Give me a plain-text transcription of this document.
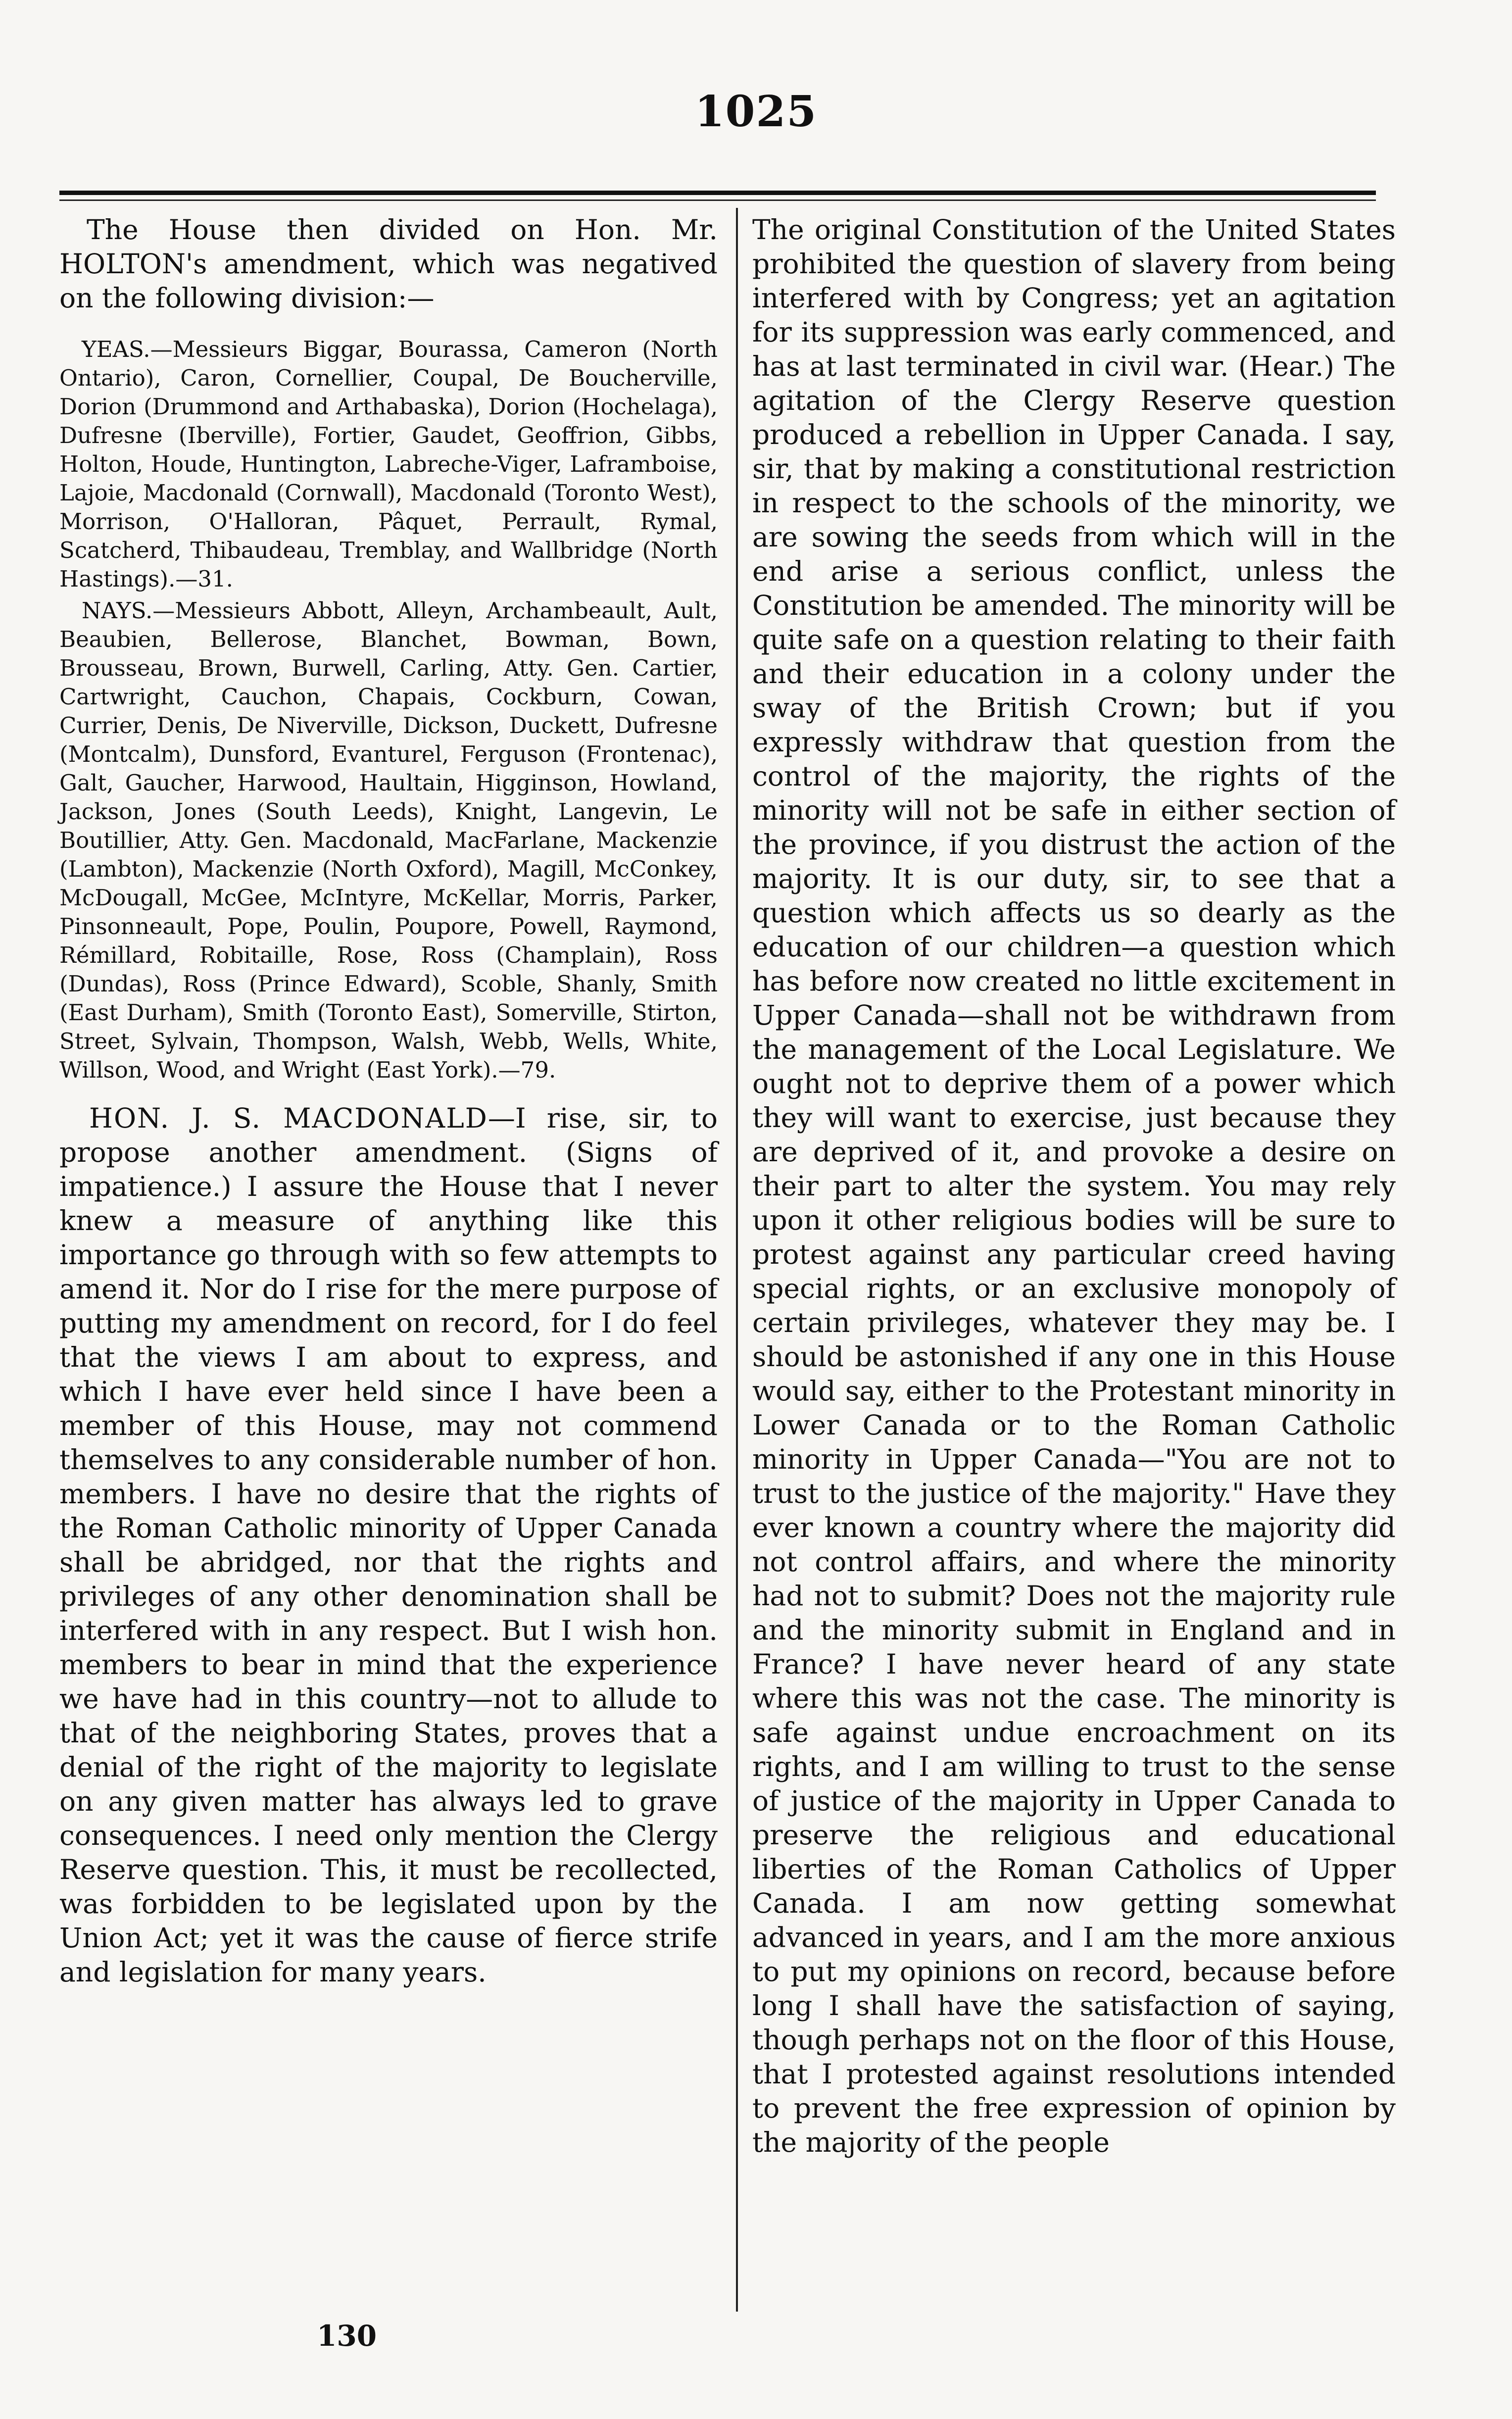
1025

The House then divided on Hon. Mr. HOLTON's amendment, which was negatived on the following division:—

YEAS.—Messieurs Biggar, Bourassa, Cameron (North Ontario), Caron, Cornellier, Coupal, De Boucherville, Dorion (Drummond and Arthabaska), Dorion (Hochelaga), Dufresne (Iberville), Fortier, Gaudet, Geoffrion, Gibbs, Holton, Houde, Huntington, Labreche-Viger, Laframboise, Lajoie, Macdonald (Cornwall), Macdonald (Toronto West), Morrison, O'Halloran, Pâquet, Perrault, Rymal, Scatcherd, Thibaudeau, Tremblay, and Wallbridge (North Hastings).—31.

NAYS.—Messieurs Abbott, Alleyn, Archambeault, Ault, Beaubien, Bellerose, Blanchet, Bowman, Bown, Brousseau, Brown, Burwell, Carling, Atty. Gen. Cartier, Cartwright, Cauchon, Chapais, Cockburn, Cowan, Currier, Denis, De Niverville, Dickson, Duckett, Dufresne (Montcalm), Dunsford, Evanturel, Ferguson (Frontenac), Galt, Gaucher, Harwood, Haultain, Higginson, Howland, Jackson, Jones (South Leeds), Knight, Langevin, Le Boutillier, Atty. Gen. Macdonald, MacFarlane, Mackenzie (Lambton), Mackenzie (North Oxford), Magill, McConkey, McDougall, McGee, McIntyre, McKellar, Morris, Parker, Pinsonneault, Pope, Poulin, Poupore, Powell, Raymond, Rémillard, Robitaille, Rose, Ross (Champlain), Ross (Dundas), Ross (Prince Edward), Scoble, Shanly, Smith (East Durham), Smith (Toronto East), Somerville, Stirton, Street, Sylvain, Thompson, Walsh, Webb, Wells, White, Willson, Wood, and Wright (East York).—79.

HON. J. S. MACDONALD—I rise, sir, to propose another amendment. (Signs of impatience.) I assure the House that I never knew a measure of anything like this importance go through with so few attempts to amend it. Nor do I rise for the mere purpose of putting my amendment on record, for I do feel that the views I am about to express, and which I have ever held since I have been a member of this House, may not commend themselves to any considerable number of hon. members. I have no desire that the rights of the Roman Catholic minority of Upper Canada shall be abridged, nor that the rights and privileges of any other denomination shall be interfered with in any respect. But I wish hon. members to bear in mind that the experience we have had in this country—not to allude to that of the neighboring States, proves that a denial of the right of the majority to legislate on any given matter has always led to grave consequences. I need only mention the Clergy Reserve question. This, it must be recollected, was forbidden to be legislated upon by the Union Act; yet it was the cause of fierce strife and legislation for many years.

The original Constitution of the United States prohibited the question of slavery from being interfered with by Congress; yet an agitation for its suppression was early commenced, and has at last terminated in civil war. (Hear.) The agitation of the Clergy Reserve question produced a rebellion in Upper Canada. I say, sir, that by making a constitutional restriction in respect to the schools of the minority, we are sowing the seeds from which will in the end arise a serious conflict, unless the Constitution be amended. The minority will be quite safe on a question relating to their faith and their education in a colony under the sway of the British Crown; but if you expressly withdraw that question from the control of the majority, the rights of the minority will not be safe in either section of the province, if you distrust the action of the majority. It is our duty, sir, to see that a question which affects us so dearly as the education of our children—a question which has before now created no little excitement in Upper Canada—shall not be withdrawn from the management of the Local Legislature. We ought not to deprive them of a power which they will want to exercise, just because they are deprived of it, and provoke a desire on their part to alter the system. You may rely upon it other religious bodies will be sure to protest against any particular creed having special rights, or an exclusive monopoly of certain privileges, whatever they may be. I should be astonished if any one in this House would say, either to the Protestant minority in Lower Canada or to the Roman Catholic minority in Upper Canada—"You are not to trust to the justice of the majority." Have they ever known a country where the majority did not control affairs, and where the minority had not to submit? Does not the majority rule and the minority submit in England and in France? I have never heard of any state where this was not the case. The minority is safe against undue encroachment on its rights, and I am willing to trust to the sense of justice of the majority in Upper Canada to preserve the religious and educational liberties of the Roman Catholics of Upper Canada. I am now getting somewhat advanced in years, and I am the more anxious to put my opinions on record, because before long I shall have the satisfaction of saying, though perhaps not on the floor of this House, that I protested against resolutions intended to prevent the free expression of opinion by the majority of the people

130
